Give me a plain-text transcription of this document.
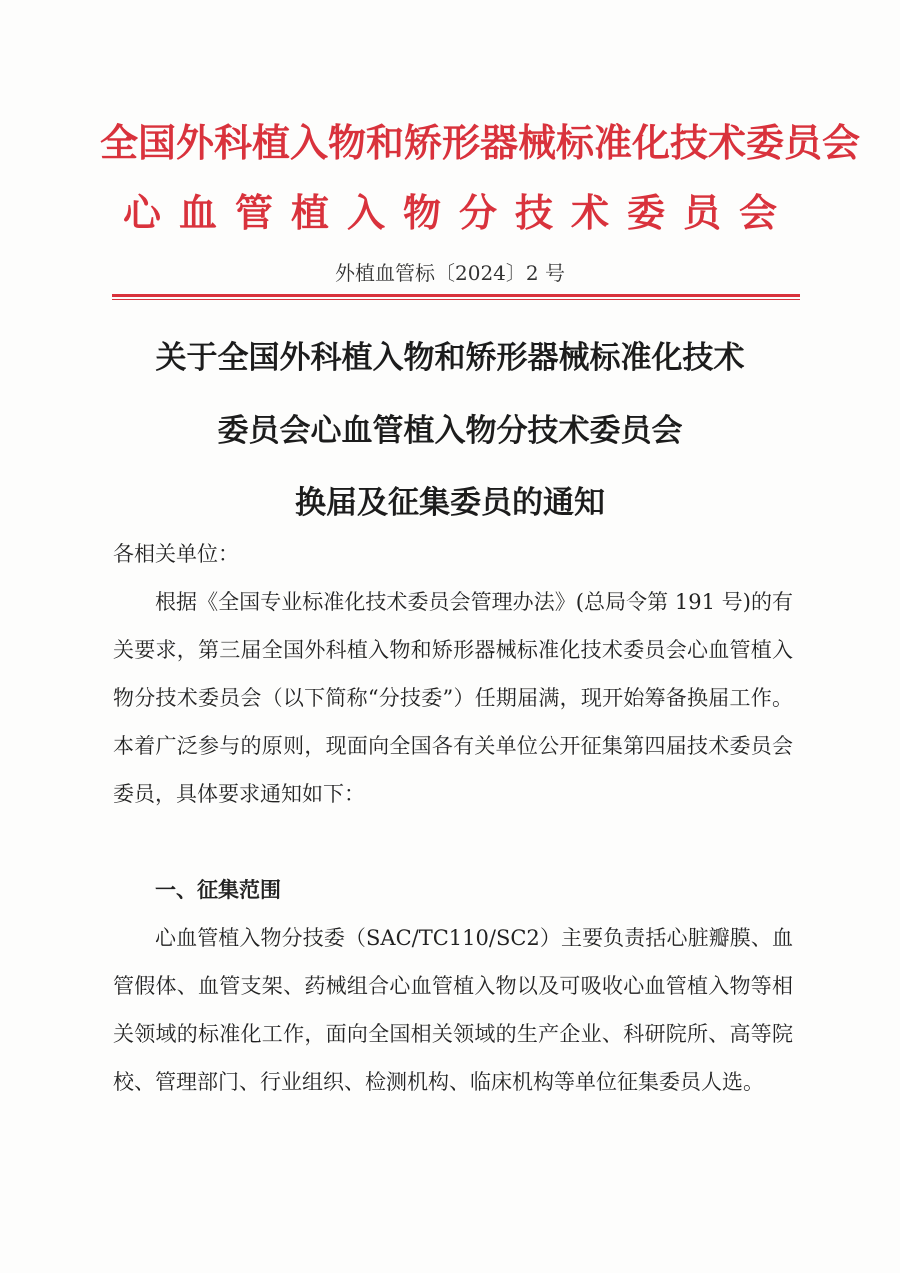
全国外科植入物和矫形器械标准化技术委员会
心血管植入物分技术委员会
外植血管标〔2024〕2 号
关于全国外科植入物和矫形器械标准化技术
委员会心血管植入物分技术委员会
换届及征集委员的通知
各相关单位：
根据《全国专业标准化技术委员会管理办法》(总局令第 191 号)的有关要求，第三届全国外科植入物和矫形器械标准化技术委员会心血管植入物分技术委员会（以下简称“分技委”）任期届满，现开始筹备换届工作。本着广泛参与的原则，现面向全国各有关单位公开征集第四届技术委员会委员，具体要求通知如下：
一、征集范围
心血管植入物分技委（SAC/TC110/SC2）主要负责括心脏瓣膜、血管假体、血管支架、药械组合心血管植入物以及可吸收心血管植入物等相关领域的标准化工作，面向全国相关领域的生产企业、科研院所、高等院校、管理部门、行业组织、检测机构、临床机构等单位征集委员人选。
